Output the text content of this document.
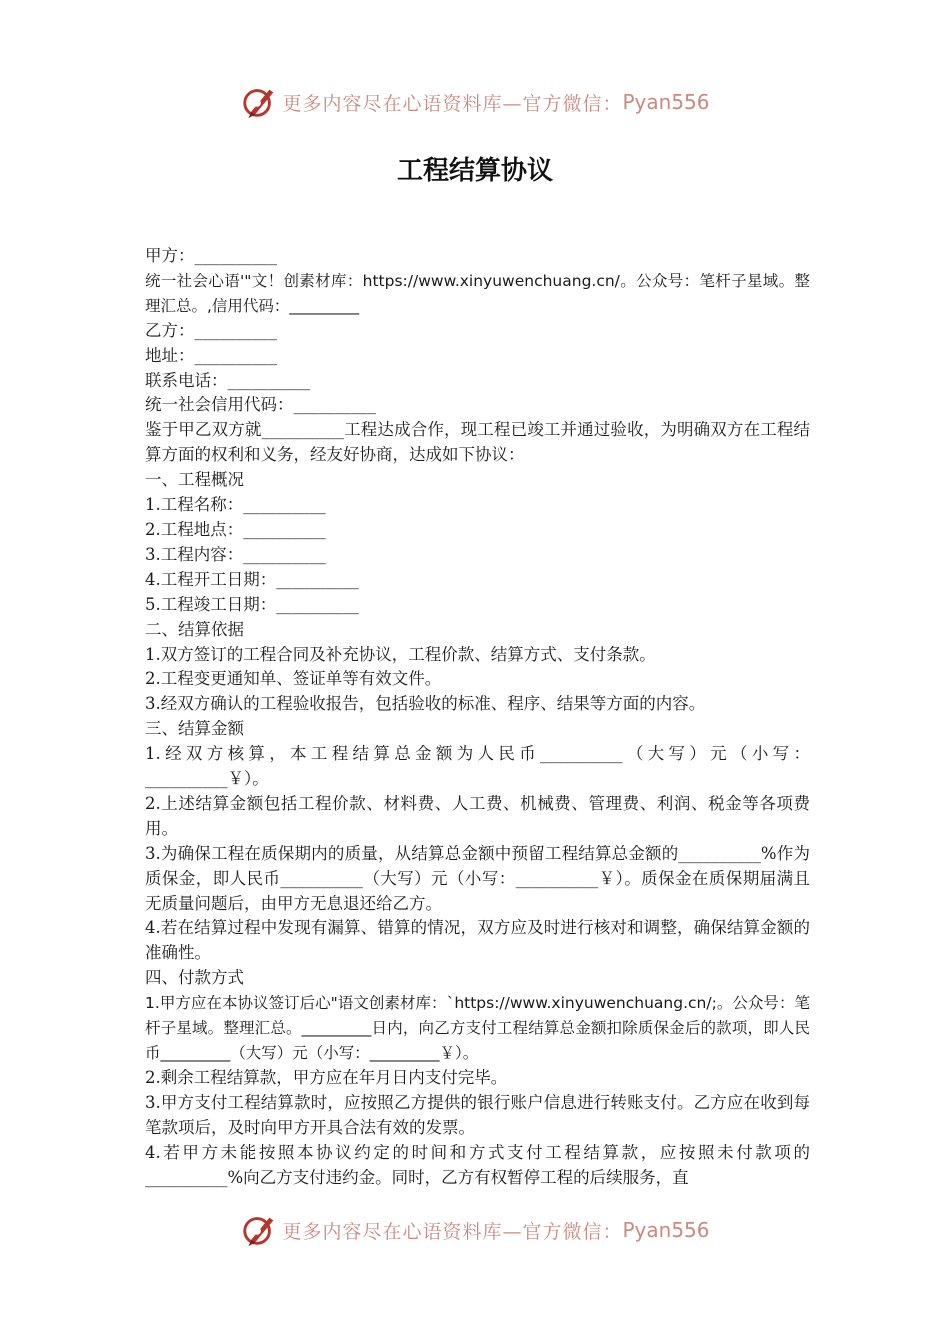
更多内容尽在心语资料库—官方微信： Pyan556
工程结算协议
甲方：__________
统一社会心语'"文！创素材库：https://www.xinyuwenchuang.cn/。公众号：笔杆子星域。整理汇总。,信用代码：_________
乙方：__________
地址：__________
联系电话：__________
统一社会信用代码：__________
鉴于甲乙双方就__________工程达成合作，现工程已竣工并通过验收，为明确双方在工程结算方面的权利和义务，经友好协商，达成如下协议：
一、工程概况
1.工程名称：__________
2.工程地点：__________
3.工程内容：__________
4.工程开工日期：__________
5.工程竣工日期：__________
二、结算依据
1.双方签订的工程合同及补充协议，工程价款、结算方式、支付条款。
2.工程变更通知单、签证单等有效文件。
3.经双方确认的工程验收报告，包括验收的标准、程序、结果等方面的内容。
三、结算金额
1.经双方核算，本工程结算总金额为人民币__________（大写）元（小写：__________￥）。
2.上述结算金额包括工程价款、材料费、人工费、机械费、管理费、利润、税金等各项费用。
3.为确保工程在质保期内的质量，从结算总金额中预留工程结算总金额的__________%作为质保金，即人民币__________（大写）元（小写：__________￥）。质保金在质保期届满且无质量问题后，由甲方无息退还给乙方。
4.若在结算过程中发现有漏算、错算的情况，双方应及时进行核对和调整，确保结算金额的准确性。
四、付款方式
1.甲方应在本协议签订后心"语文创素材库：`https://www.xinyuwenchuang.cn/;。公众号：笔杆子星域。整理汇总。_________日内，向乙方支付工程结算总金额扣除质保金后的款项，即人民币_________（大写）元（小写：_________￥）。
2.剩余工程结算款，甲方应在年月日内支付完毕。
3.甲方支付工程结算款时，应按照乙方提供的银行账户信息进行转账支付。乙方应在收到每笔款项后，及时向甲方开具合法有效的发票。
4.若甲方未能按照本协议约定的时间和方式支付工程结算款，应按照未付款项的__________%向乙方支付违约金。同时，乙方有权暂停工程的后续服务，直
更多内容尽在心语资料库—官方微信： Pyan556
